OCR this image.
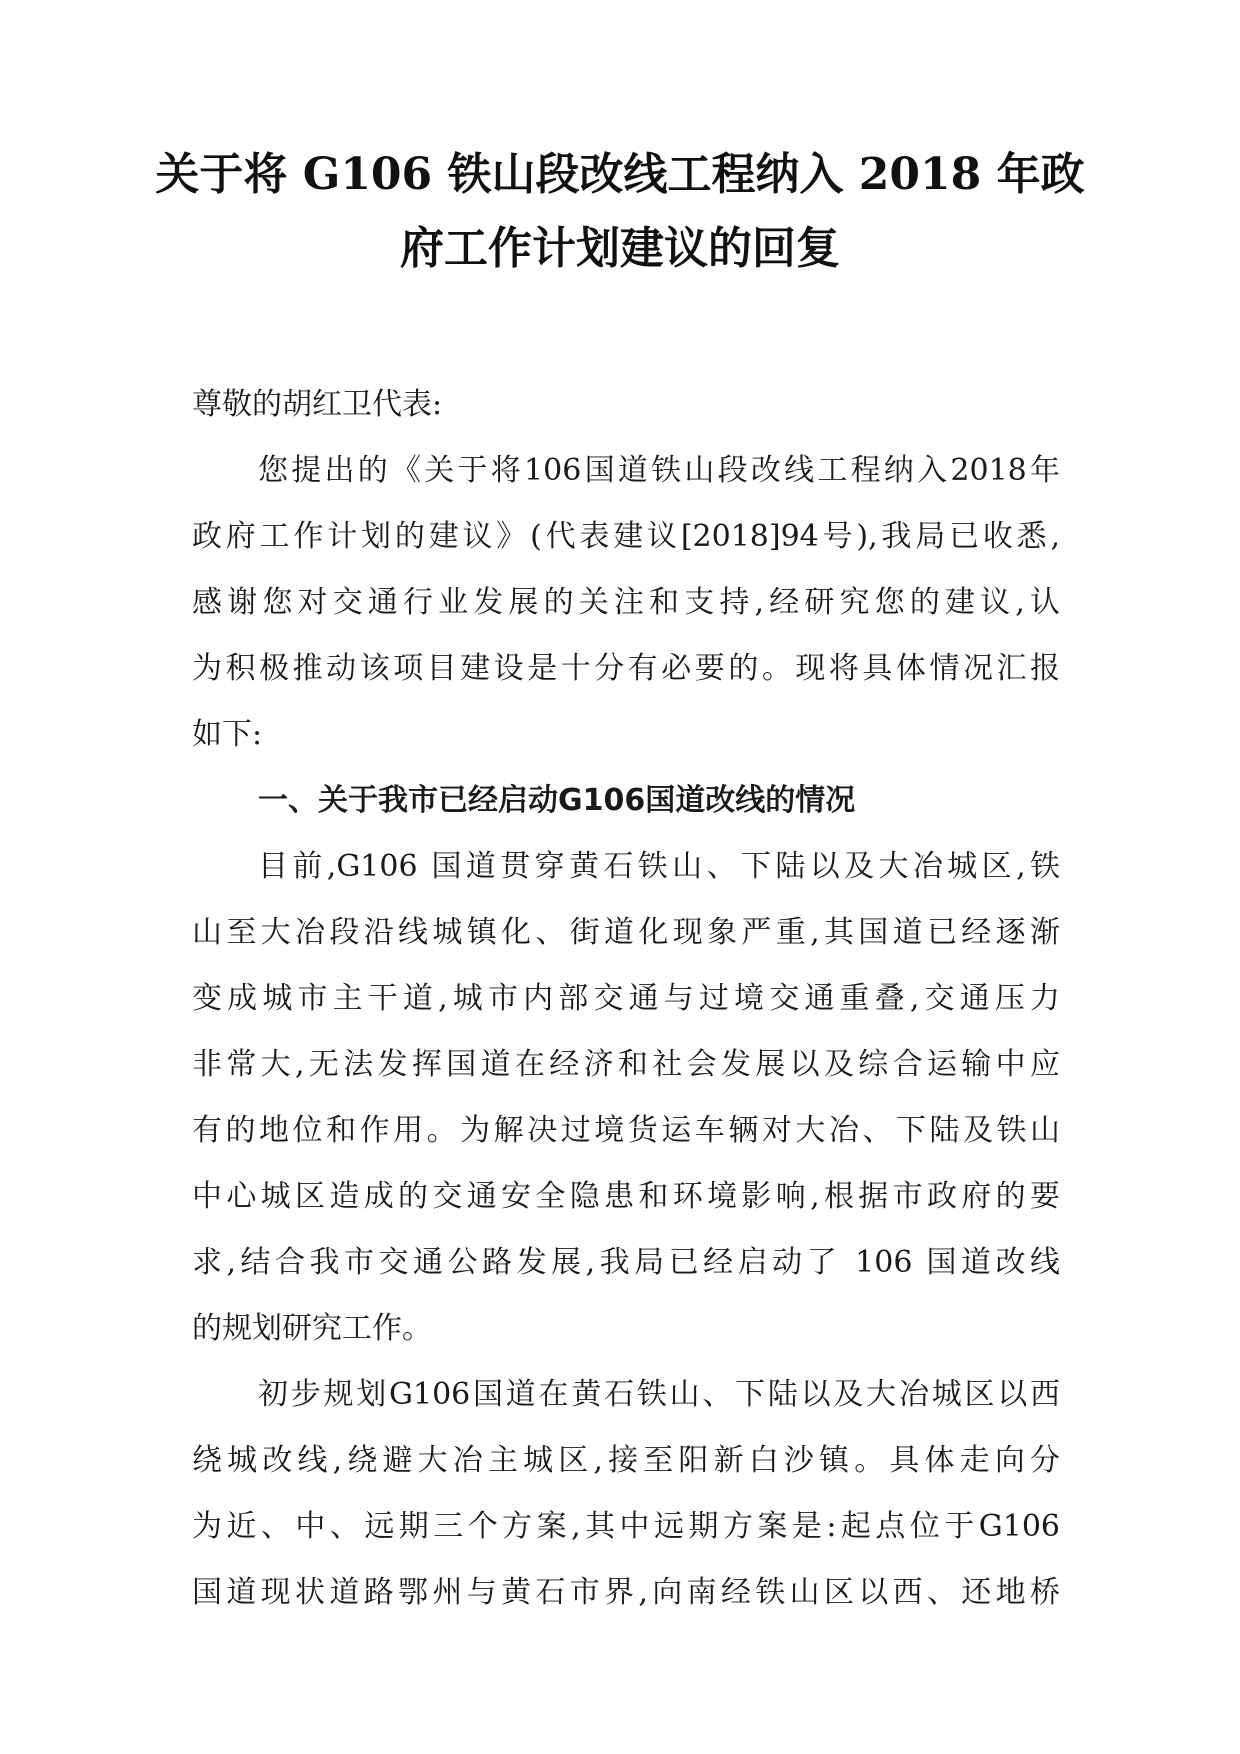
关于将 G106 铁山段改线工程纳入 2018 年政
府工作计划建议的回复
尊敬的胡红卫代表:
您提出的《关于将106国道铁山段改线工程纳入2018年
政府工作计划的建议》(代表建议[2018]94号),我局已收悉,
感谢您对交通行业发展的关注和支持,经研究您的建议,认
为积极推动该项目建设是十分有必要的。现将具体情况汇报
如下:
一、关于我市已经启动G106国道改线的情况
目前,G106 国道贯穿黄石铁山、下陆以及大冶城区,铁
山至大冶段沿线城镇化、街道化现象严重,其国道已经逐渐
变成城市主干道,城市内部交通与过境交通重叠,交通压力
非常大,无法发挥国道在经济和社会发展以及综合运输中应
有的地位和作用。为解决过境货运车辆对大冶、下陆及铁山
中心城区造成的交通安全隐患和环境影响,根据市政府的要
求,结合我市交通公路发展,我局已经启动了 106 国道改线
的规划研究工作。
初步规划G106国道在黄石铁山、下陆以及大冶城区以西
绕城改线,绕避大冶主城区,接至阳新白沙镇。具体走向分
为近、中、远期三个方案,其中远期方案是:起点位于G106
国道现状道路鄂州与黄石市界,向南经铁山区以西、还地桥
